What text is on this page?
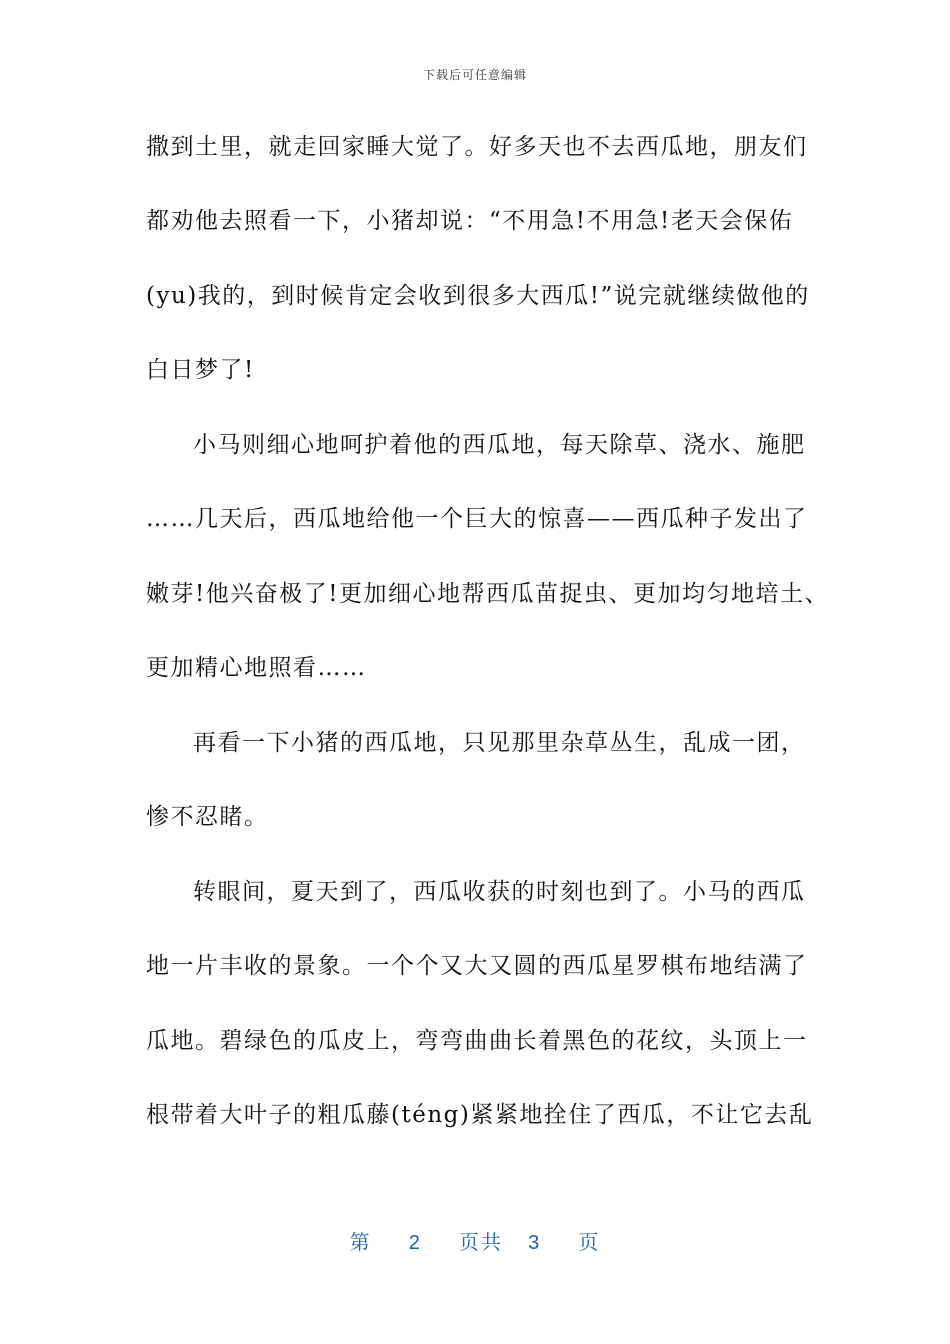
下载后可任意编辑
撒到土里，就走回家睡大觉了。好多天也不去西瓜地，朋友们
都劝他去照看一下，小猪却说：“不用急!不用急!老天会保佑
(yu)我的，到时候肯定会收到很多大西瓜!”说完就继续做他的
白日梦了!
小马则细心地呵护着他的西瓜地，每天除草、浇水、施肥
……几天后，西瓜地给他一个巨大的惊喜——西瓜种子发出了
嫩芽!他兴奋极了!更加细心地帮西瓜苗捉虫、更加均匀地培土、
更加精心地照看……
再看一下小猪的西瓜地，只见那里杂草丛生，乱成一团，
惨不忍睹。
转眼间，夏天到了，西瓜收获的时刻也到了。小马的西瓜
地一片丰收的景象。一个个又大又圆的西瓜星罗棋布地结满了
瓜地。碧绿色的瓜皮上，弯弯曲曲长着黑色的花纹，头顶上一
根带着大叶子的粗瓜藤(téng)紧紧地拴住了西瓜，不让它去乱
第 2 页共 3 页
